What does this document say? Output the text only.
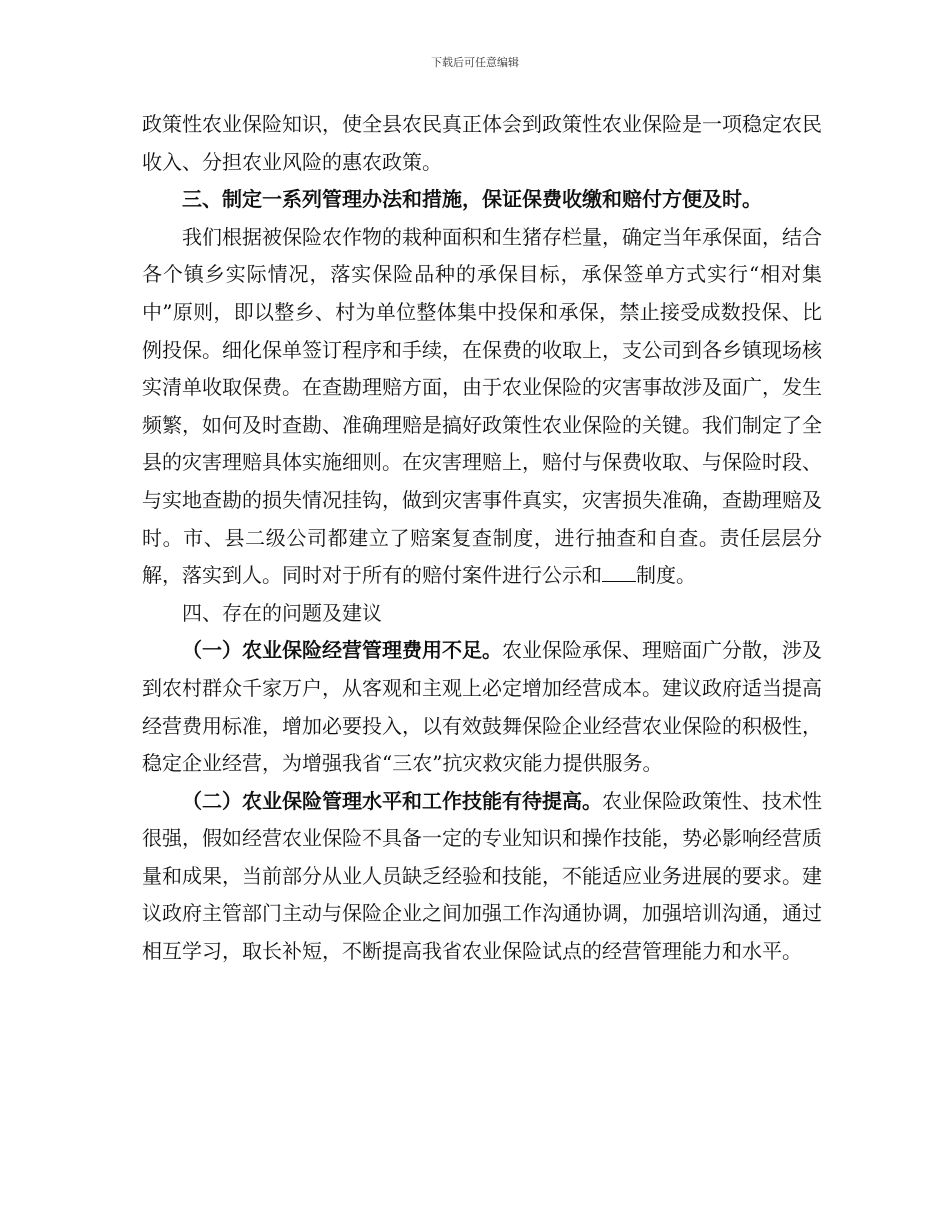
下载后可任意编辑

政策性农业保险知识，使全县农民真正体会到政策性农业保险是一项稳定农民收入、分担农业风险的惠农政策。

三、制定一系列管理办法和措施，保证保费收缴和赔付方便及时。

我们根据被保险农作物的栽种面积和生猪存栏量，确定当年承保面，结合各个镇乡实际情况，落实保险品种的承保目标，承保签单方式实行“相对集中”原则，即以整乡、村为单位整体集中投保和承保，禁止接受成数投保、比例投保。细化保单签订程序和手续，在保费的收取上，支公司到各乡镇现场核实清单收取保费。在查勘理赔方面，由于农业保险的灾害事故涉及面广，发生频繁，如何及时查勘、准确理赔是搞好政策性农业保险的关键。我们制定了全县的灾害理赔具体实施细则。在灾害理赔上，赔付与保费收取、与保险时段、与实地查勘的损失情况挂钩，做到灾害事件真实，灾害损失准确，查勘理赔及时。市、县二级公司都建立了赔案复查制度，进行抽查和自查。责任层层分解，落实到人。同时对于所有的赔付案件进行公示和 制度。

四、存在的问题及建议

（一）农业保险经营管理费用不足。农业保险承保、理赔面广分散，涉及到农村群众千家万户，从客观和主观上必定增加经营成本。建议政府适当提高经营费用标准，增加必要投入，以有效鼓舞保险企业经营农业保险的积极性，稳定企业经营，为增强我省“三农”抗灾救灾能力提供服务。

（二）农业保险管理水平和工作技能有待提高。农业保险政策性、技术性很强，假如经营农业保险不具备一定的专业知识和操作技能，势必影响经营质量和成果，当前部分从业人员缺乏经验和技能，不能适应业务进展的要求。建议政府主管部门主动与保险企业之间加强工作沟通协调，加强培训沟通，通过相互学习，取长补短，不断提高我省农业保险试点的经营管理能力和水平。
